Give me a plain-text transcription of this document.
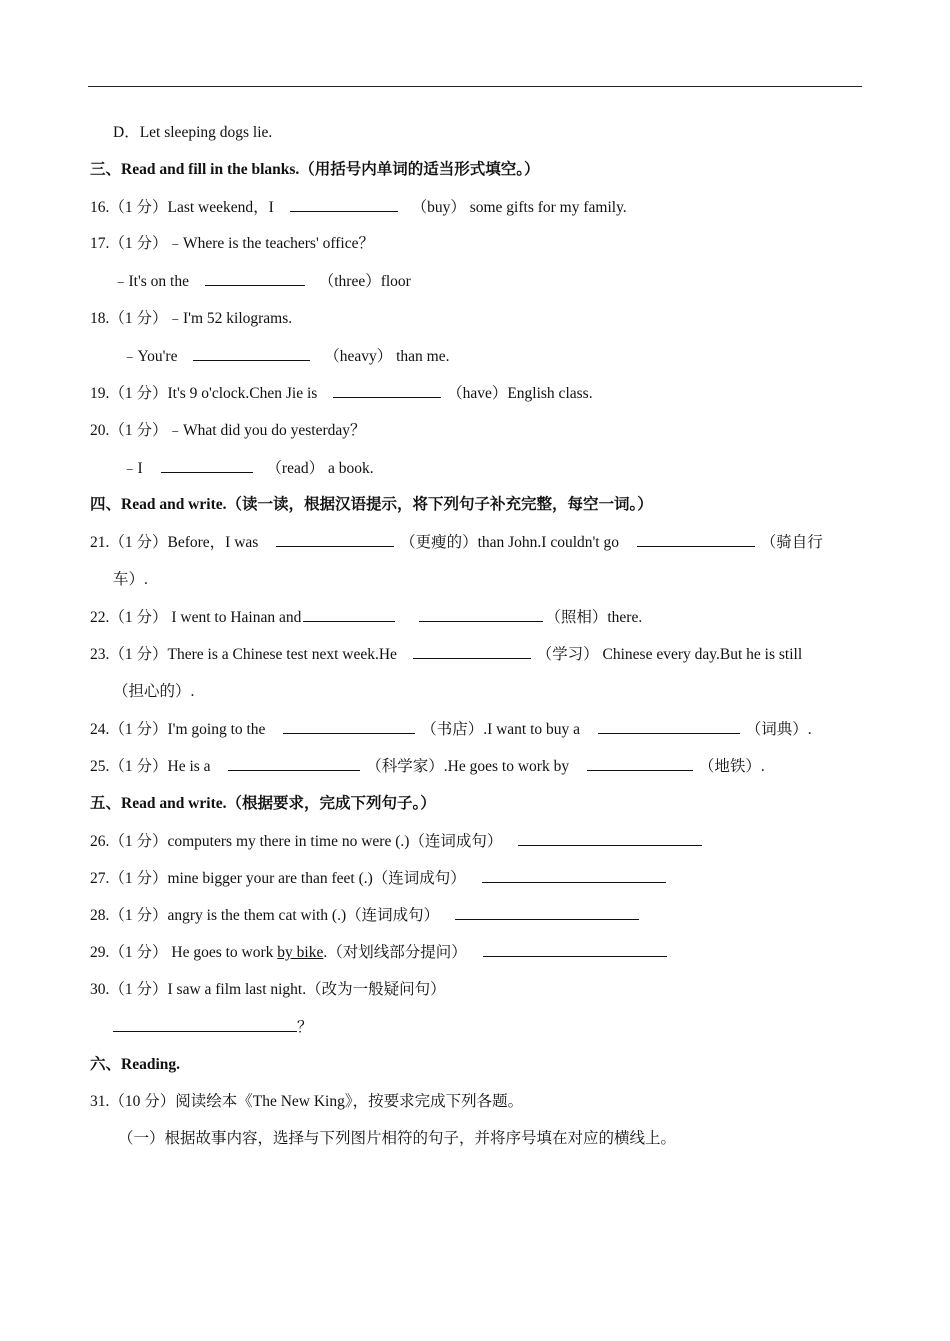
D．Let sleeping dogs lie.
三、Read and fill in the blanks.（用括号内单词的适当形式填空。）
16.（1 分）Last weekend，I	（buy） some gifts for my family.
17.（1 分）﹣Where is the teachers' office？
﹣It's on the	（three）floor
18.（1 分）﹣I'm 52 kilograms.
﹣You're	（heavy） than me.
19.（1 分）It's 9 o'clock.Chen Jie is	（have）English class.
20.（1 分）﹣What did you do yesterday？
﹣I	（read） a book.
四、Read and write.（读一读，根据汉语提示，将下列句子补充完整，每空一词。）
21.（1 分）Before，I was	（更瘦的）than John.I couldn't go	（骑自行
车）.
22.（1 分） I went to Hainan and	（照相）there.
23.（1 分）There is a Chinese test next week.He	（学习） Chinese every day.But he is still
（担心的）.
24.（1 分）I'm going to the	（书店）.I want to buy a	（词典）.
25.（1 分）He is a	（科学家）.He goes to work by	（地铁）.
五、Read and write.（根据要求，完成下列句子。）
26.（1 分）computers my there in time no were (.)（连词成句）
27.（1 分）mine bigger your are than feet (.)（连词成句）
28.（1 分）angry is the them cat with (.)（连词成句）
29.（1 分） He goes to work by bike.（对划线部分提问）
30.（1 分）I saw a film last night.（改为一般疑问句）
？
六、Reading.
31.（10 分）阅读绘本《The New King》，按要求完成下列各题。
（一）根据故事内容，选择与下列图片相符的句子，并将序号填在对应的横线上。
